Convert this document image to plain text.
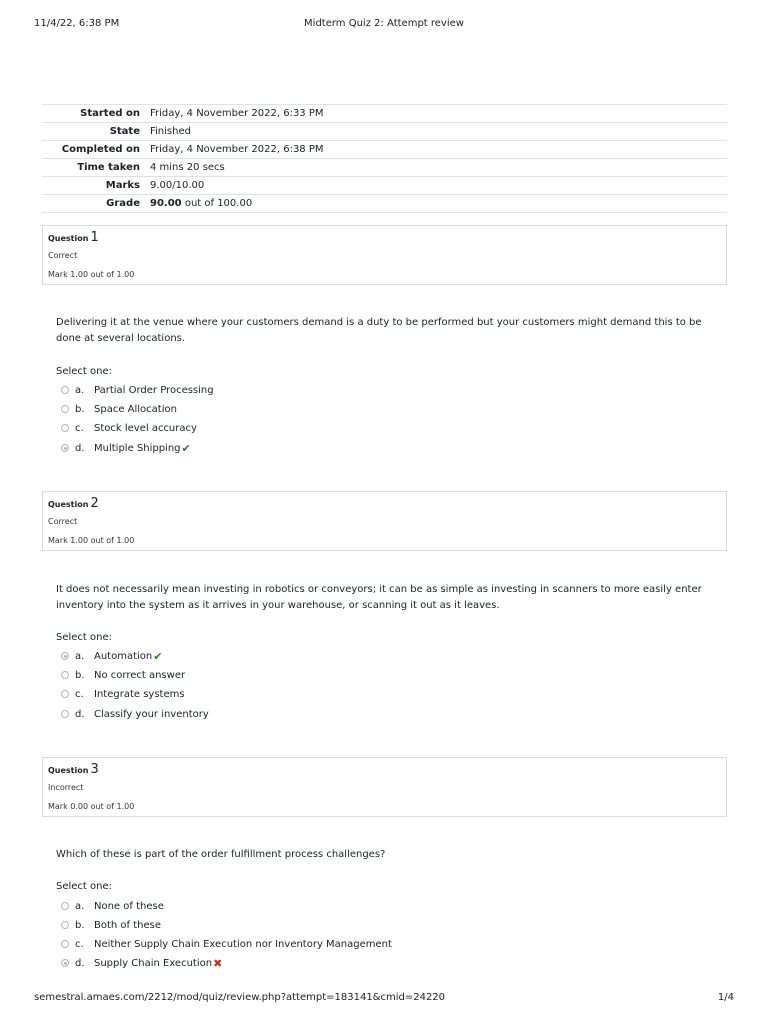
11/4/22, 6:38 PM	Midterm Quiz 2: Attempt review
Started on	Friday, 4 November 2022, 6:33 PM
State	Finished
Completed on	Friday, 4 November 2022, 6:38 PM
Time taken	4 mins 20 secs
Marks	9.00/10.00
Grade	90.00 out of 100.00
Question 1
Correct
Mark 1.00 out of 1.00
Delivering it at the venue where your customers demand is a duty to be performed but your customers might demand this to be done at several locations.
Select one:
a. Partial Order Processing
b. Space Allocation
c.	Stock level accuracy
d. Multiple Shipping ✔
Question 2
Correct
Mark 1.00 out of 1.00
It does not necessarily mean investing in robotics or conveyors; it can be as simple as investing in scanners to more easily enter inventory into the system as it arrives in your warehouse, or scanning it out as it leaves.
Select one:
a. Automation ✔
b. No correct answer
c.	Integrate systems
d. Classify your inventory
Question 3
Incorrect
Mark 0.00 out of 1.00
Which of these is part of the order fulfillment process challenges?
Select one:
a. None of these
b. Both of these
c.	Neither Supply Chain Execution nor Inventory Management
d. Supply Chain Execution ✖
semestral.amaes.com/2212/mod/quiz/review.php?attempt=183141&cmid=24220	1/4
